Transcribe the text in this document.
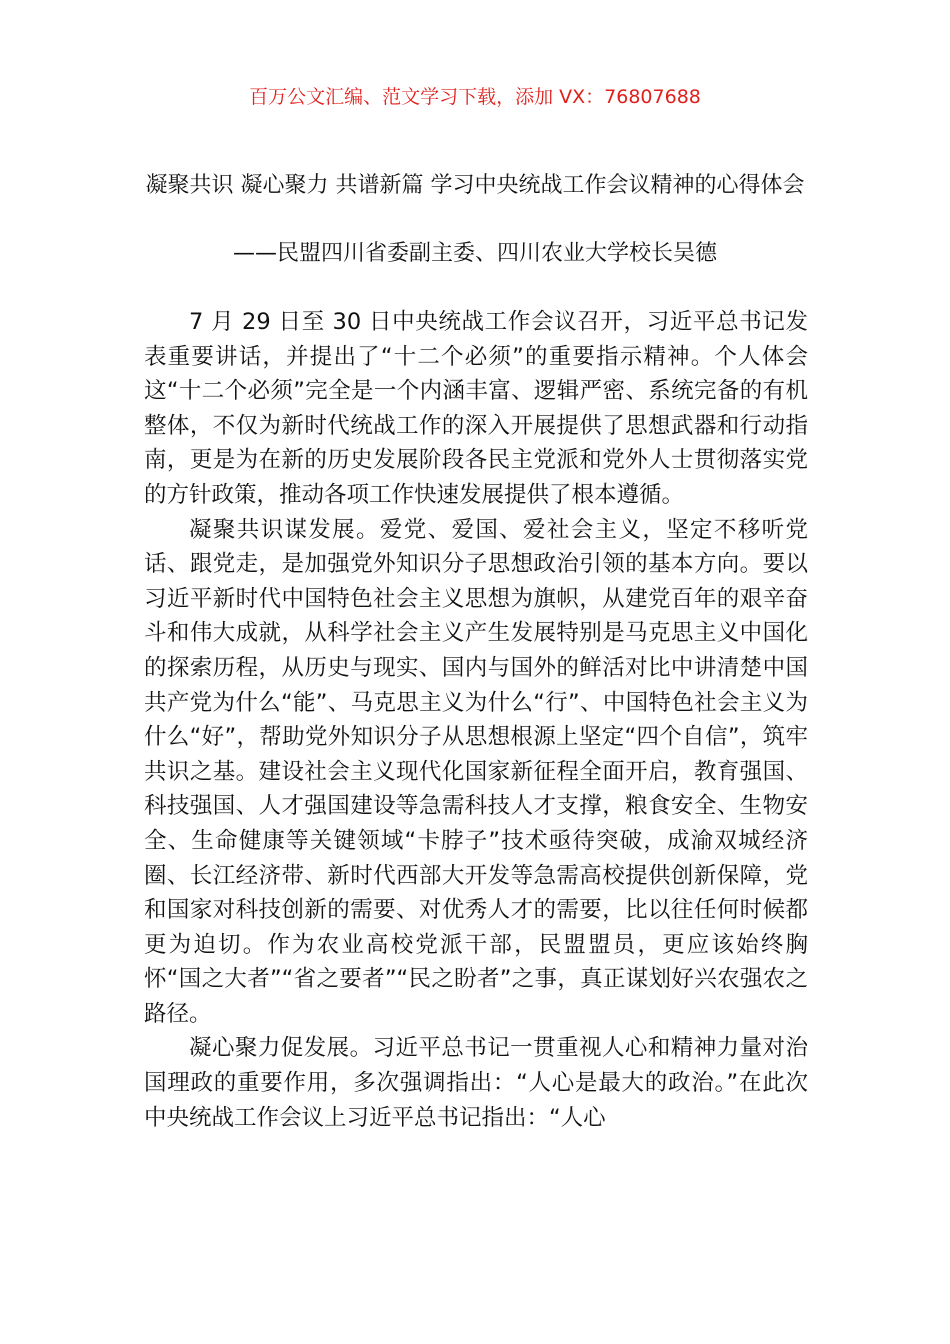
百万公文汇编、范文学习下载，添加 VX：76807688
凝聚共识 凝心聚力 共谱新篇 学习中央统战工作会议精神的心得体会
——民盟四川省委副主委、四川农业大学校长吴德

7 月 29 日至 30 日中央统战工作会议召开，习近平总书记发表重要讲话，并提出了“十二个必须”的重要指示精神。个人体会这“十二个必须”完全是一个内涵丰富、逻辑严密、系统完备的有机整体，不仅为新时代统战工作的深入开展提供了思想武器和行动指南，更是为在新的历史发展阶段各民主党派和党外人士贯彻落实党的方针政策，推动各项工作快速发展提供了根本遵循。

凝聚共识谋发展。爱党、爱国、爱社会主义，坚定不移听党话、跟党走，是加强党外知识分子思想政治引领的基本方向。要以习近平新时代中国特色社会主义思想为旗帜，从建党百年的艰辛奋斗和伟大成就，从科学社会主义产生发展特别是马克思主义中国化的探索历程，从历史与现实、国内与国外的鲜活对比中讲清楚中国共产党为什么“能”、马克思主义为什么“行”、中国特色社会主义为什么“好”，帮助党外知识分子从思想根源上坚定“四个自信”，筑牢共识之基。建设社会主义现代化国家新征程全面开启，教育强国、科技强国、人才强国建设等急需科技人才支撑，粮食安全、生物安全、生命健康等关键领域“卡脖子”技术亟待突破，成渝双城经济圈、长江经济带、新时代西部大开发等急需高校提供创新保障，党和国家对科技创新的需要、对优秀人才的需要，比以往任何时候都更为迫切。作为农业高校党派干部，民盟盟员，更应该始终胸怀“国之大者”“省之要者”“民之盼者”之事，真正谋划好兴农强农之路径。

凝心聚力促发展。习近平总书记一贯重视人心和精神力量对治国理政的重要作用，多次强调指出：“人心是最大的政治。”在此次中央统战工作会议上习近平总书记指出：“人心
